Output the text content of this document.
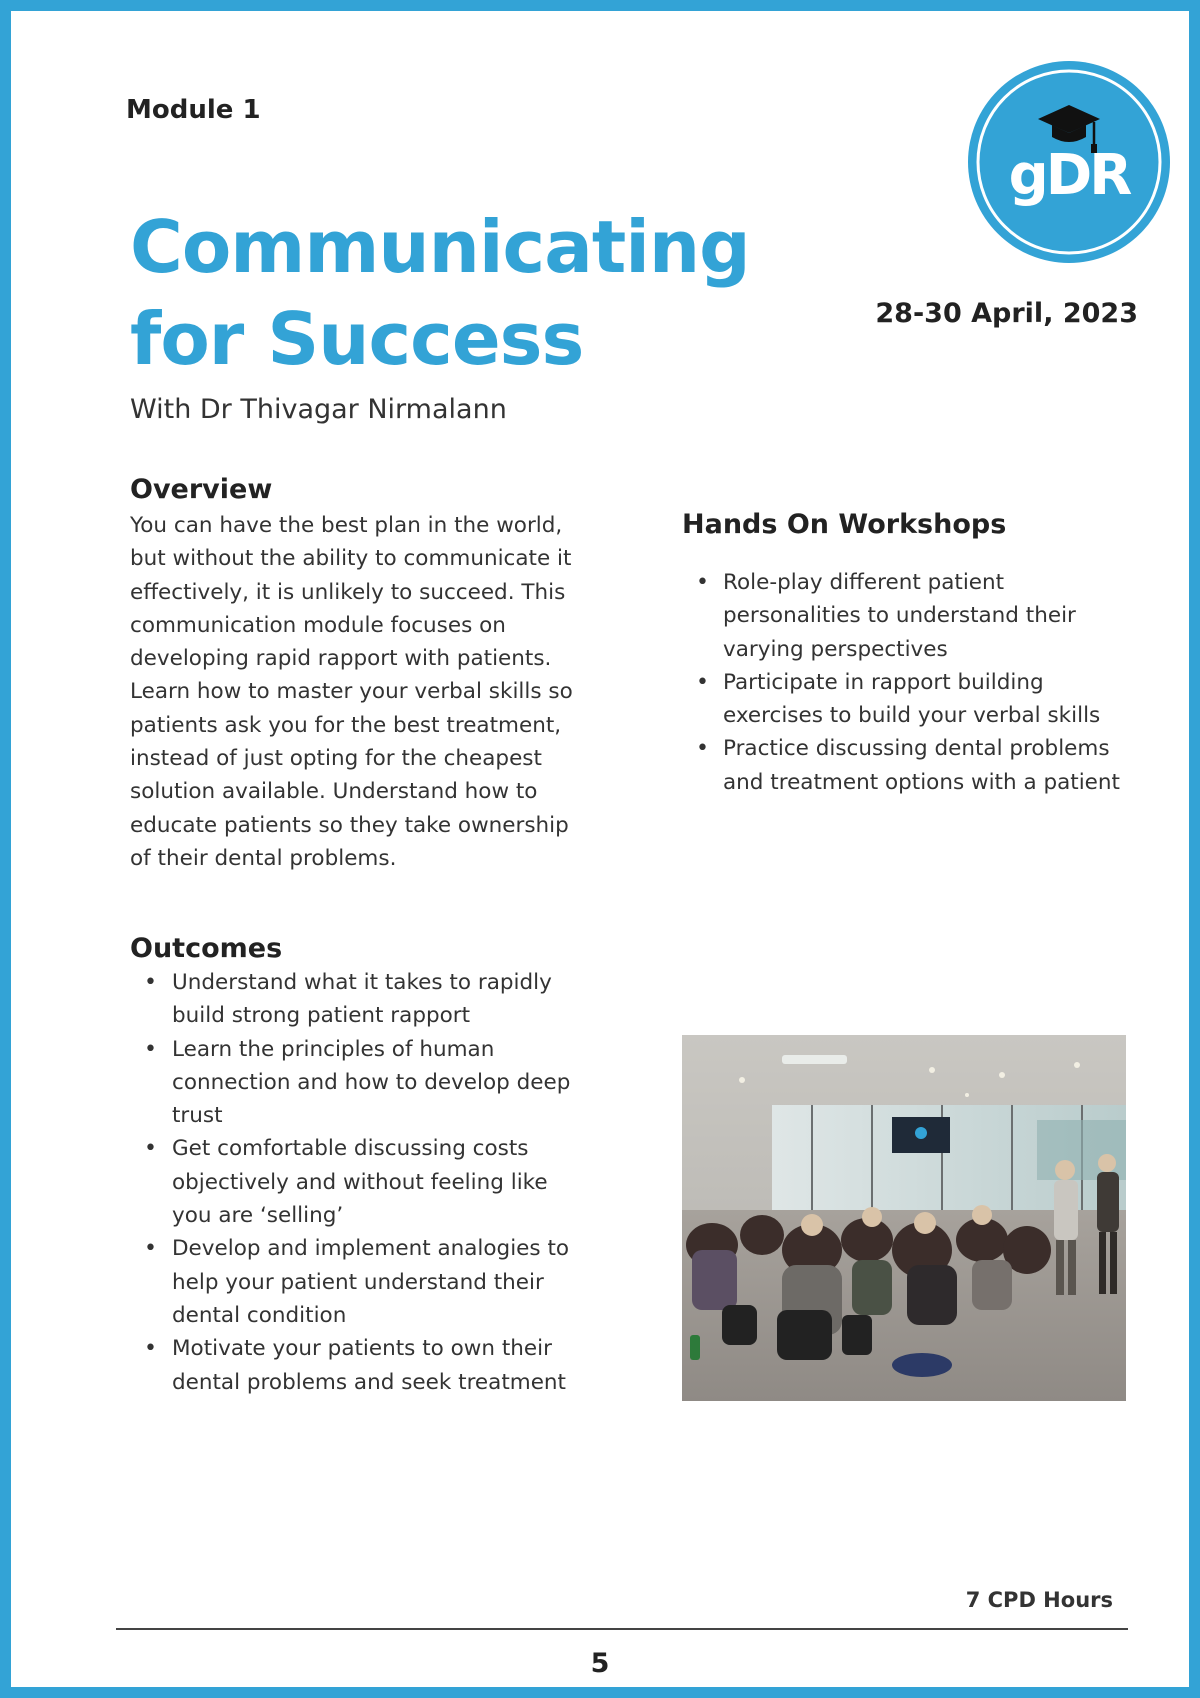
Module 1
Communicating for Success
With Dr Thivagar Nirmalann
gDR
28-30 April, 2023
Overview

You can have the best plan in the world, but without the ability to communicate it effectively, it is unlikely to succeed. This communication module focuses on developing rapid rapport with patients. Learn how to master your verbal skills so patients ask you for the best treatment, instead of just opting for the cheapest solution available. Understand how to educate patients so they take ownership of their dental problems.

Hands On Workshops
• Role-play different patient personalities to understand their varying perspectives
• Participate in rapport building exercises to build your verbal skills
• Practice discussing dental problems and treatment options with a patient
Outcomes
• Understand what it takes to rapidly build strong patient rapport
• Learn the principles of human connection and how to develop deep trust
• Get comfortable discussing costs objectively and without feeling like you are ‘selling’
• Develop and implement analogies to help your patient understand their dental condition
• Motivate your patients to own their dental problems and seek treatment
7 CPD Hours
5
